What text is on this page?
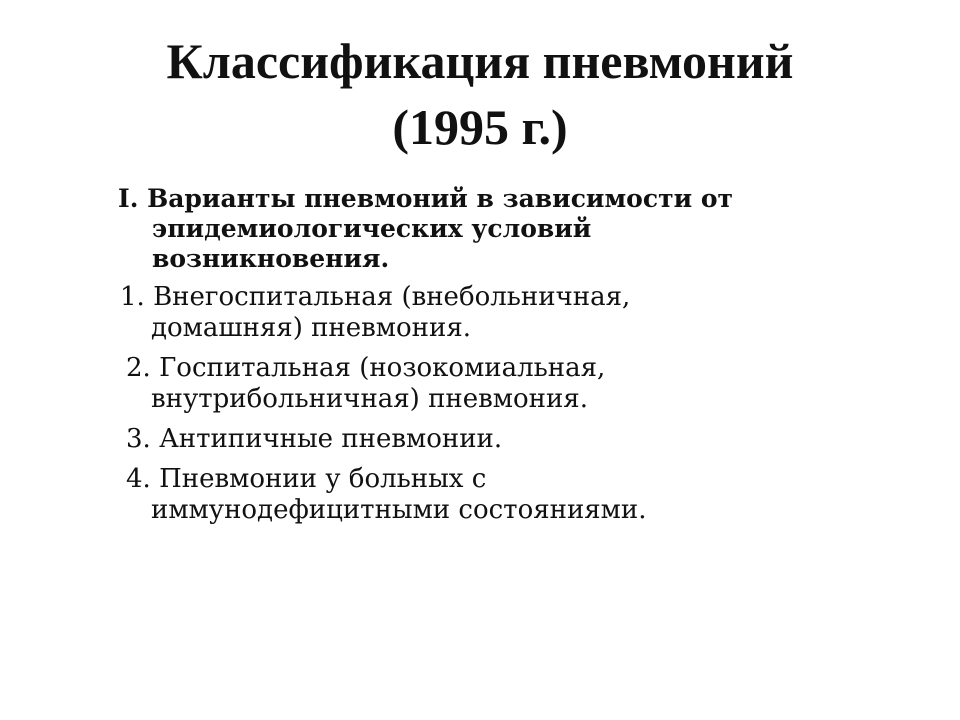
Классификация пневмоний
(1995 г.)
I. Варианты пневмоний в зависимости от
эпидемиологических условий
возникновения.
1. Внегоспитальная (внебольничная,
домашняя) пневмония.
2. Госпитальная (нозокомиальная,
внутрибольничная) пневмония.
3. Антипичные пневмонии.
4. Пневмонии у больных с
иммунодефицитными состояниями.
